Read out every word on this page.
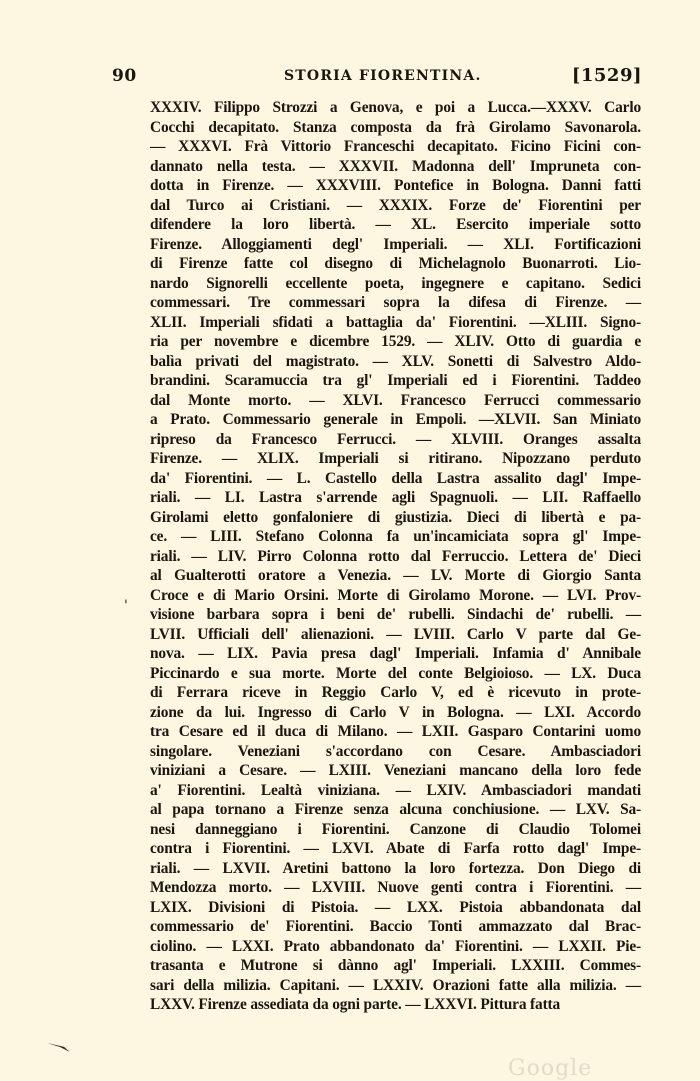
90	STORIA FIORENTINA.	[1529]
XXXIV. Filippo Strozzi a Genova, e poi a Lucca.—XXXV. Carlo
Cocchi decapitato. Stanza composta da frà Girolamo Savonarola.
— XXXVI. Frà Vittorio Franceschi decapitato. Ficino Ficini con-
dannato nella testa. — XXXVII. Madonna dell' Impruneta con-
dotta in Firenze. — XXXVIII. Pontefice in Bologna. Danni fatti
dal Turco ai Cristiani. — XXXIX. Forze de' Fiorentini per
difendere la loro libertà. — XL. Esercito imperiale sotto
Firenze. Alloggiamenti degl' Imperiali. — XLI. Fortificazioni
di Firenze fatte col disegno di Michelagnolo Buonarroti. Lio-
nardo Signorelli eccellente poeta, ingegnere e capitano. Sedici
commessari. Tre commessari sopra la difesa di Firenze. —
XLII. Imperiali sfidati a battaglia da' Fiorentini. —XLIII. Signo-
ria per novembre e dicembre 1529. — XLIV. Otto di guardia e
balìa privati del magistrato. — XLV. Sonetti di Salvestro Aldo-
brandini. Scaramuccia tra gl' Imperiali ed i Fiorentini. Taddeo
dal Monte morto. — XLVI. Francesco Ferrucci commessario
a Prato. Commessario generale in Empoli. —XLVII. San Miniato
ripreso da Francesco Ferrucci. — XLVIII. Oranges assalta
Firenze. — XLIX. Imperiali si ritirano. Nipozzano perduto
da' Fiorentini. — L. Castello della Lastra assalito dagl' Impe-
riali. — LI. Lastra s'arrende agli Spagnuoli. — LII. Raffaello
Girolami eletto gonfaloniere di giustizia. Dieci di libertà e pa-
ce. — LIII. Stefano Colonna fa un'incamiciata sopra gl' Impe-
riali. — LIV. Pirro Colonna rotto dal Ferruccio. Lettera de' Dieci
al Gualterotti oratore a Venezia. — LV. Morte di Giorgio Santa
Croce e di Mario Orsini. Morte di Girolamo Morone. — LVI. Prov-
visione barbara sopra i beni de' rubelli. Sindachi de' rubelli. —
LVII. Ufficiali dell' alienazioni. — LVIII. Carlo V parte dal Ge-
nova. — LIX. Pavia presa dagl' Imperiali. Infamia d' Annibale
Piccinardo e sua morte. Morte del conte Belgioioso. — LX. Duca
di Ferrara riceve in Reggio Carlo V, ed è ricevuto in prote-
zione da lui. Ingresso di Carlo V in Bologna. — LXI. Accordo
tra Cesare ed il duca di Milano. — LXII. Gasparo Contarini uomo
singolare. Veneziani s'accordano con Cesare. Ambasciadori
viniziani a Cesare. — LXIII. Veneziani mancano della loro fede
a' Fiorentini. Lealtà viniziana. — LXIV. Ambasciadori mandati
al papa tornano a Firenze senza alcuna conchiusione. — LXV. Sa-
nesi danneggiano i Fiorentini. Canzone di Claudio Tolomei
contra i Fiorentini. — LXVI. Abate di Farfa rotto dagl' Impe-
riali. — LXVII. Aretini battono la loro fortezza. Don Diego di
Mendozza morto. — LXVIII. Nuove genti contra i Fiorentini. —
LXIX. Divisioni di Pistoia. — LXX. Pistoia abbandonata dal
commessario de' Fiorentini. Baccio Tonti ammazzato dal Brac-
ciolino. — LXXI. Prato abbandonato da' Fiorentini. — LXXII. Pie-
trasanta e Mutrone si dànno agl' Imperiali. LXXIII. Commes-
sari della milizia. Capitani. — LXXIV. Orazioni fatte alla milizia. —
LXXV. Firenze assediata da ogni parte. — LXXVI. Pittura fatta
'
Google
